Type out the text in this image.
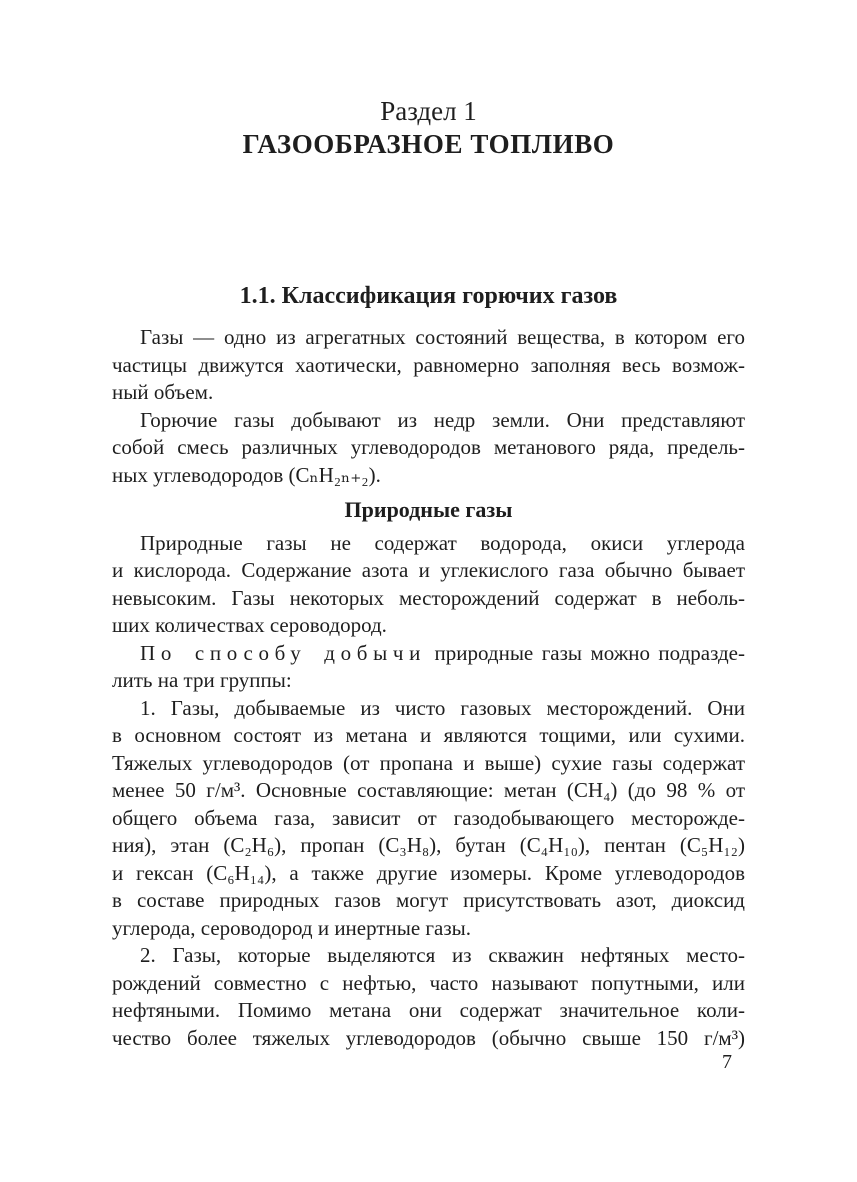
Раздел 1
ГАЗООБРАЗНОЕ ТОПЛИВО
1.1. Классификация горючих газов
Газы — одно из агрегатных состояний вещества, в котором его
частицы движутся хаотически, равномерно заполняя весь возмож-
ный объем.
Горючие газы добывают из недр земли. Они представляют
собой смесь различных углеводородов метанового ряда, предель-
ных углеводородов (CₙH₂ₙ₊₂).
Природные газы
Природные газы не содержат водорода, окиси углерода
и кислорода. Содержание азота и углекислого газа обычно бывает
невысоким. Газы некоторых месторождений содержат в неболь-
ших количествах сероводород.
По способу добычи природные газы можно подразде-
лить на три группы:
1. Газы, добываемые из чисто газовых месторождений. Они
в основном состоят из метана и являются тощими, или сухими.
Тяжелых углеводородов (от пропана и выше) сухие газы содержат
менее 50 г/м³. Основные составляющие: метан (CH₄) (до 98 % от
общего объема газа, зависит от газодобывающего месторожде-
ния), этан (C₂H₆), пропан (C₃H₈), бутан (C₄H₁₀), пентан (C₅H₁₂)
и гексан (C₆H₁₄), а также другие изомеры. Кроме углеводородов
в составе природных газов могут присутствовать азот, диоксид
углерода, сероводород и инертные газы.
2. Газы, которые выделяются из скважин нефтяных место-
рождений совместно с нефтью, часто называют попутными, или
нефтяными. Помимо метана они содержат значительное коли-
чество более тяжелых углеводородов (обычно свыше 150 г/м³)
7
